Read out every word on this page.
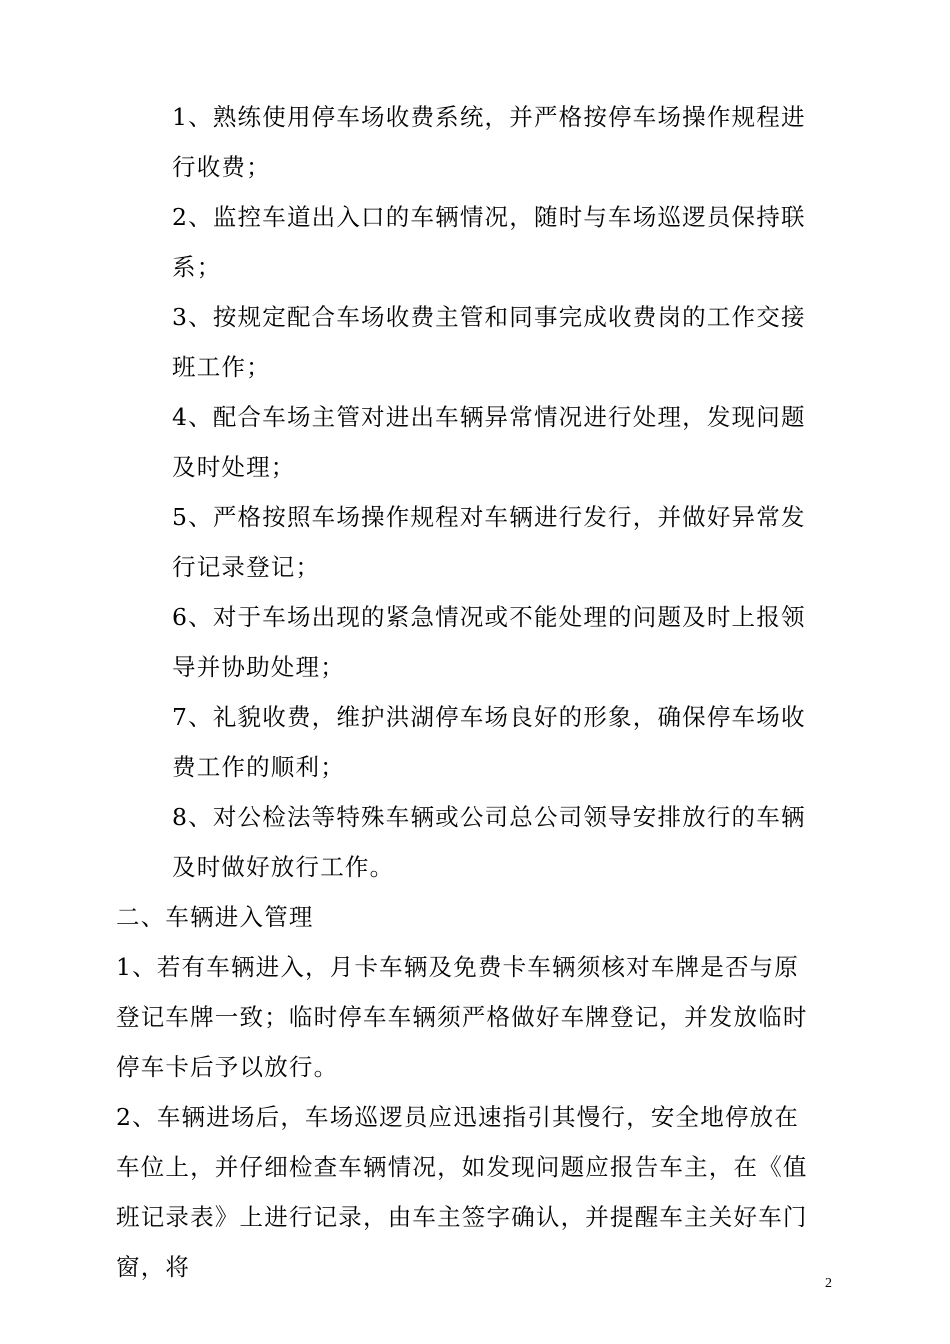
1、熟练使用停车场收费系统，并严格按停车场操作规程进行收费；

2、监控车道出入口的车辆情况，随时与车场巡逻员保持联系；

3、按规定配合车场收费主管和同事完成收费岗的工作交接班工作；

4、配合车场主管对进出车辆异常情况进行处理，发现问题及时处理；

5、严格按照车场操作规程对车辆进行发行，并做好异常发行记录登记；

6、对于车场出现的紧急情况或不能处理的问题及时上报领导并协助处理；

7、礼貌收费，维护洪湖停车场良好的形象，确保停车场收费工作的顺利；

8、对公检法等特殊车辆或公司总公司领导安排放行的车辆及时做好放行工作。

二、车辆进入管理

1、若有车辆进入，月卡车辆及免费卡车辆须核对车牌是否与原登记车牌一致；临时停车车辆须严格做好车牌登记，并发放临时停车卡后予以放行。

2、车辆进场后，车场巡逻员应迅速指引其慢行，安全地停放在车位上，并仔细检查车辆情况，如发现问题应报告车主，在《值班记录表》上进行记录，由车主签字确认，并提醒车主关好车门窗，将

2
